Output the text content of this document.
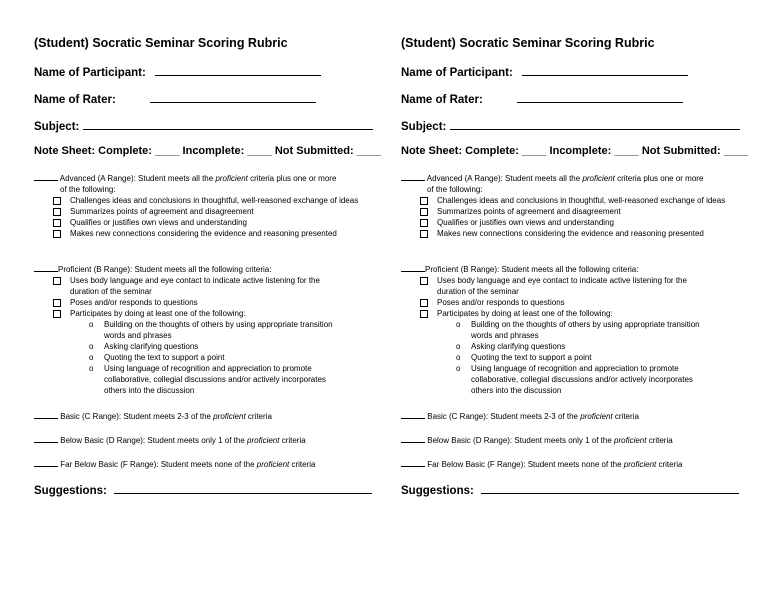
(Student) Socratic Seminar Scoring Rubric
Name of Participant:
Name of Rater:
Subject:
Note Sheet: Complete: ____ Incomplete: ____ Not Submitted: ____
Advanced (A Range): Student meets all the proficient criteria plus one or more
of the following:
Challenges ideas and conclusions in thoughtful, well-reasoned exchange of ideas
Summarizes points of agreement and disagreement
Qualifies or justifies own views and understanding
Makes new connections considering the evidence and reasoning presented
Proficient (B Range): Student meets all the following criteria:
Uses body language and eye contact to indicate active listening for the duration of the seminar
Poses and/or responds to questions
Participates by doing at least one of the following:
o Building on the thoughts of others by using appropriate transition words and phrases
o Asking clarifying questions
o Quoting the text to support a point
o Using language of recognition and appreciation to promote collaborative, collegial discussions and/or actively incorporates others into the discussion
Basic (C Range): Student meets 2-3 of the proficient criteria
Below Basic (D Range): Student meets only 1 of the proficient criteria
Far Below Basic (F Range): Student meets none of the proficient criteria
Suggestions:
(Student) Socratic Seminar Scoring Rubric
Name of Participant:
Name of Rater:
Subject:
Note Sheet: Complete: ____ Incomplete: ____ Not Submitted: ____
Advanced (A Range): Student meets all the proficient criteria plus one or more
of the following:
Challenges ideas and conclusions in thoughtful, well-reasoned exchange of ideas
Summarizes points of agreement and disagreement
Qualifies or justifies own views and understanding
Makes new connections considering the evidence and reasoning presented
Proficient (B Range): Student meets all the following criteria:
Uses body language and eye contact to indicate active listening for the duration of the seminar
Poses and/or responds to questions
Participates by doing at least one of the following:
o Building on the thoughts of others by using appropriate transition words and phrases
o Asking clarifying questions
o Quoting the text to support a point
o Using language of recognition and appreciation to promote collaborative, collegial discussions and/or actively incorporates others into the discussion
Basic (C Range): Student meets 2-3 of the proficient criteria
Below Basic (D Range): Student meets only 1 of the proficient criteria
Far Below Basic (F Range): Student meets none of the proficient criteria
Suggestions:
